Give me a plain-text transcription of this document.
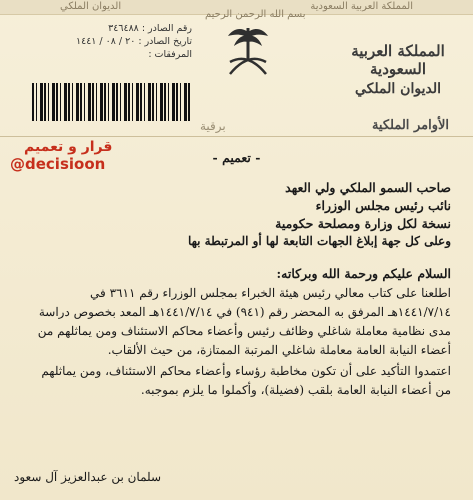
الديوان الملكي
بسم الله الرحمن الرحيم
المملكة العربية السعودية
رقم الصادر : ٣٤٦٤٨٨
تاريخ الصادر : ٢٠ / ٠٨ / ١٤٤١
المرفقات :	المملكة العربية السعودية
الديوان الملكي
برقية	الأوامر الملكية
قرار و تعميم
@decisioon	- تعميم -
صاحب السمو الملكي ولي العهد
نائب رئيس مجلس الوزراء
نسخة لكل وزارة ومصلحة حكومية
وعلى كل جهة إبلاغ الجهات التابعة لها أو المرتبطة بها
السلام عليكم ورحمة الله وبركاته:
اطلعنا على كتاب معالي رئيس هيئة الخبراء بمجلس الوزراء رقم ٣٦١١ في ١٤٤١/٧/١٤هـ المرفق به المحضر رقم (٩٤١) في ١٤٤١/٧/١٤هـ المعد بخصوص دراسة مدى نظامية معاملة شاغلي وظائف رئيس وأعضاء محاكم الاستئناف ومن يماثلهم من أعضاء النيابة العامة معاملة شاغلي المرتبة الممتازة، من حيث الألقاب.
اعتمدوا التأكيد على أن تكون مخاطبة رؤساء وأعضاء محاكم الاستئناف، ومن يماثلهم من أعضاء النيابة العامة بلقب (فضيلة)، وأكملوا ما يلزم بموجبه.
سلمان بن عبدالعزيز آل سعود
